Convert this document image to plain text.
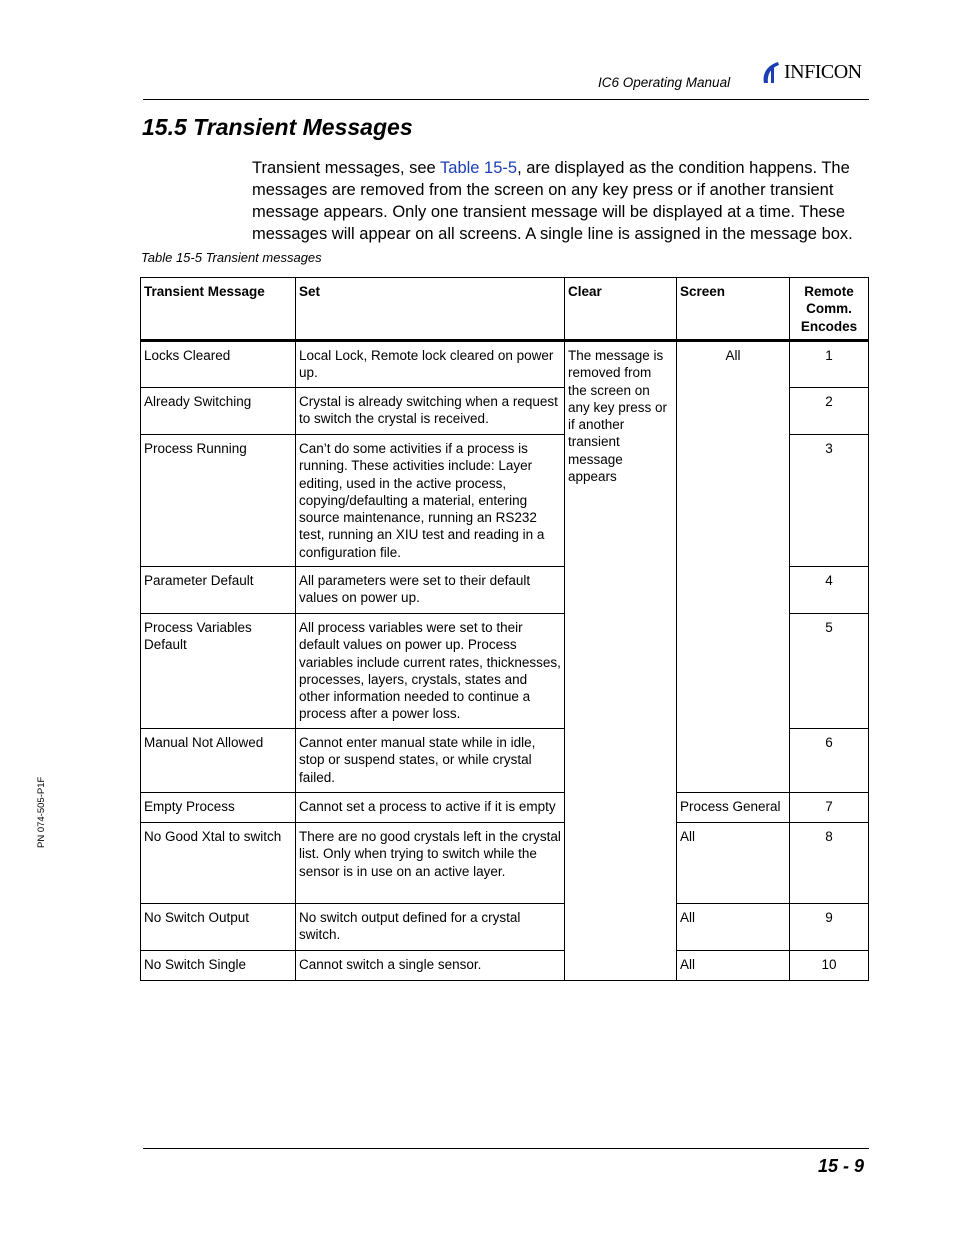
IC6 Operating Manual	INFICON
15.5 Transient Messages
Transient messages, see Table 15-5, are displayed as the condition happens. The messages are removed from the screen on any key press or if another transient message appears. Only one transient message will be displayed at a time. These messages will appear on all screens. A single line is assigned in the message box.
Table 15-5 Transient messages
Transient Message	Set	Clear	Screen	Remote Comm. Encodes
Locks Cleared	Local Lock, Remote lock cleared on power up.	The message is removed from the screen on any key press or if another transient message appears	All	1
Already Switching	Crystal is already switching when a request to switch the crystal is received.			2
Process Running	Can’t do some activities if a process is running. These activities include: Layer editing, used in the active process, copying/defaulting a material, entering source maintenance, running an RS232 test, running an XIU test and reading in a configuration file.			3
Parameter Default	All parameters were set to their default values on power up.			4
Process Variables Default	All process variables were set to their default values on power up. Process variables include current rates, thicknesses, processes, layers, crystals, states and other information needed to continue a process after a power loss.			5
Manual Not Allowed	Cannot enter manual state while in idle, stop or suspend states, or while crystal failed.			6
Empty Process	Cannot set a process to active if it is empty		Process General	7
No Good Xtal to switch	There are no good crystals left in the crystal list. Only when trying to switch while the sensor is in use on an active layer.		All	8
No Switch Output	No switch output defined for a crystal switch.		All	9
No Switch Single	Cannot switch a single sensor.		All	10
PN 074-505-P1F
15 - 9
